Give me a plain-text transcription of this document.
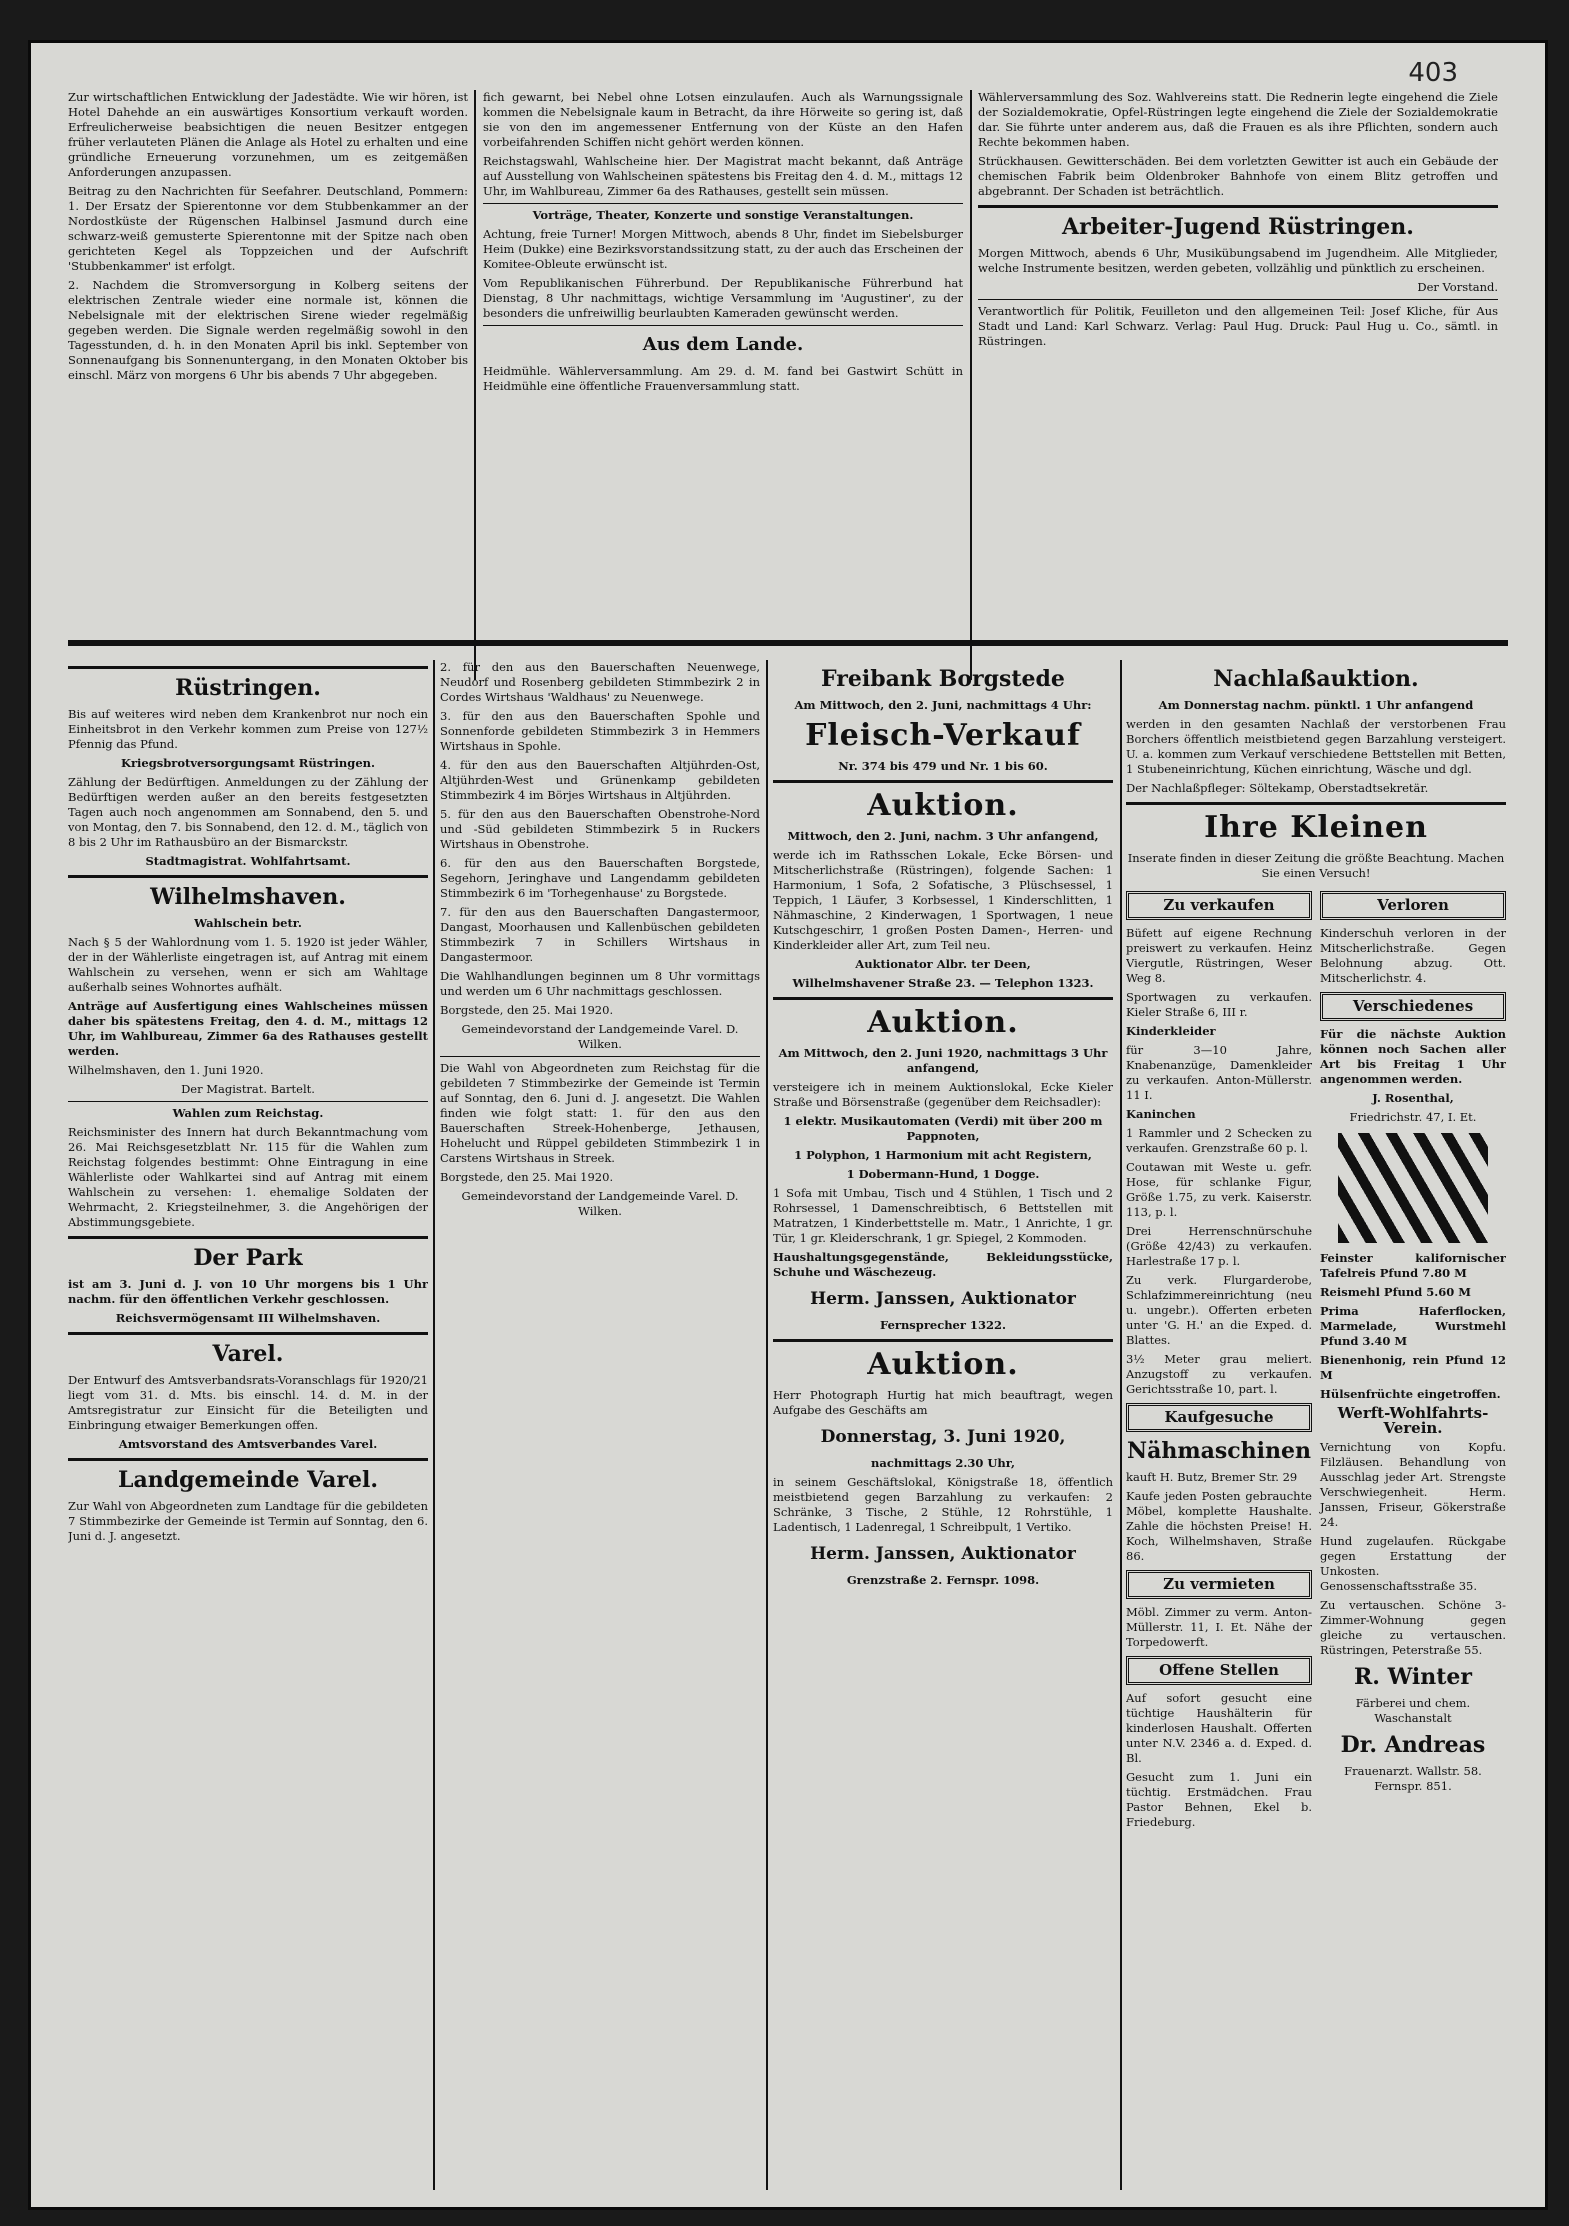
403

Zur wirtschaftlichen Entwicklung der Jadestädte. Wie wir hören, ist Hotel Dahehde an ein auswärtiges Konsortium verkauft worden. Erfreulicherweise beabsichtigen die neuen Besitzer entgegen früher verlauteten Plänen die Anlage als Hotel zu erhalten und eine gründliche Erneuerung vorzunehmen, um es zeitgemäßen Anforderungen anzupassen.

Beitrag zu den Nachrichten für Seefahrer. Deutschland, Pommern: 1. Der Ersatz der Spierentonne vor dem Stubbenkammer an der Nordostküste der Rügenschen Halbinsel Jasmund durch eine schwarz-weiß gemusterte Spierentonne mit der Spitze nach oben gerichteten Kegel als Toppzeichen und der Aufschrift 'Stubbenkammer' ist erfolgt.

2. Nachdem die Stromversorgung in Kolberg seitens der elektrischen Zentrale wieder eine normale ist, können die Nebelsignale mit der elektrischen Sirene wieder regelmäßig gegeben werden. Die Signale werden regelmäßig sowohl in den Tagesstunden, d. h. in den Monaten April bis inkl. September von Sonnenaufgang bis Sonnenuntergang, in den Monaten Oktober bis einschl. März von morgens 6 Uhr bis abends 7 Uhr abgegeben.

fich gewarnt, bei Nebel ohne Lotsen einzulaufen. Auch als Warnungssignale kommen die Nebelsignale kaum in Betracht, da ihre Hörweite so gering ist, daß sie von den im angemessener Entfernung von der Küste an den Hafen vorbeifahrenden Schiffen nicht gehört werden können.

Reichstagswahl, Wahlscheine hier. Der Magistrat macht bekannt, daß Anträge auf Ausstellung von Wahlscheinen spätestens bis Freitag den 4. d. M., mittags 12 Uhr, im Wahlbureau, Zimmer 6a des Rathauses, gestellt sein müssen.

Vorträge, Theater, Konzerte und sonstige Veranstaltungen.

Achtung, freie Turner! Morgen Mittwoch, abends 8 Uhr, findet im Siebelsburger Heim (Dukke) eine Bezirksvorstandssitzung statt, zu der auch das Erscheinen der Komitee-Obleute erwünscht ist.

Vom Republikanischen Führerbund. Der Republikanische Führerbund hat Dienstag, 8 Uhr nachmittags, wichtige Versammlung im 'Augustiner', zu der besonders die unfreiwillig beurlaubten Kameraden gewünscht werden.

Aus dem Lande.

Heidmühle. Wählerversammlung. Am 29. d. M. fand bei Gastwirt Schütt in Heidmühle eine öffentliche Frauenversammlung statt.

Wählerversammlung des Soz. Wahlvereins statt. Die Rednerin legte eingehend die Ziele der Sozialdemokratie, Opfel-Rüstringen legte eingehend die Ziele der Sozialdemokratie dar. Sie führte unter anderem aus, daß die Frauen es als ihre Pflichten, sondern auch Rechte bekommen haben.

Strückhausen. Gewitterschäden. Bei dem vorletzten Gewitter ist auch ein Gebäude der chemischen Fabrik beim Oldenbroker Bahnhofe von einem Blitz getroffen und abgebrannt. Der Schaden ist beträchtlich.

Arbeiter-Jugend Rüstringen.

Morgen Mittwoch, abends 6 Uhr, Musikübungsabend im Jugendheim. Alle Mitglieder, welche Instrumente besitzen, werden gebeten, vollzählig und pünktlich zu erscheinen.

Der Vorstand.

Verantwortlich für Politik, Feuilleton und den allgemeinen Teil: Josef Kliche, für Aus Stadt und Land: Karl Schwarz. Verlag: Paul Hug. Druck: Paul Hug u. Co., sämtl. in Rüstringen.

Rüstringen.

Bis auf weiteres wird neben dem Krankenbrot nur noch ein Einheitsbrot in den Verkehr kommen zum Preise von 127½ Pfennig das Pfund.

Kriegsbrotversorgungsamt Rüstringen.

Zählung der Bedürftigen. Anmeldungen zu der Zählung der Bedürftigen werden außer an den bereits festgesetzten Tagen auch noch angenommen am Sonnabend, den 5. und von Montag, den 7. bis Sonnabend, den 12. d. M., täglich von 8 bis 2 Uhr im Rathausbüro an der Bismarckstr.

Stadtmagistrat. Wohlfahrtsamt.

Wilhelmshaven.
Wahlschein betr.

Nach § 5 der Wahlordnung vom 1. 5. 1920 ist jeder Wähler, der in der Wählerliste eingetragen ist, auf Antrag mit einem Wahlschein zu versehen, wenn er sich am Wahltage außerhalb seines Wohnortes aufhält.

Anträge auf Ausfertigung eines Wahlscheines müssen daher bis spätestens Freitag, den 4. d. M., mittags 12 Uhr, im Wahlbureau, Zimmer 6a des Rathauses gestellt werden.

Wilhelmshaven, den 1. Juni 1920.

Der Magistrat. Bartelt.

Wahlen zum Reichstag.

Reichsminister des Innern hat durch Bekanntmachung vom 26. Mai Reichsgesetzblatt Nr. 115 für die Wahlen zum Reichstag folgendes bestimmt: Ohne Eintragung in eine Wählerliste oder Wahlkartei sind auf Antrag mit einem Wahlschein zu versehen: 1. ehemalige Soldaten der Wehrmacht, 2. Kriegsteilnehmer, 3. die Angehörigen der Abstimmungsgebiete.

Der Park

ist am 3. Juni d. J. von 10 Uhr morgens bis 1 Uhr nachm. für den öffentlichen Verkehr geschlossen.

Reichsvermögensamt III Wilhelmshaven.

Varel.

Der Entwurf des Amtsverbandsrats-Voranschlags für 1920/21 liegt vom 31. d. Mts. bis einschl. 14. d. M. in der Amtsregistratur zur Einsicht für die Beteiligten und Einbringung etwaiger Bemerkungen offen.

Amtsvorstand des Amtsverbandes Varel.

Landgemeinde Varel.

Zur Wahl von Abgeordneten zum Landtage für die gebildeten 7 Stimmbezirke der Gemeinde ist Termin auf Sonntag, den 6. Juni d. J. angesetzt.

2. für den aus den Bauerschaften Neuenwege, Neudorf und Rosenberg gebildeten Stimmbezirk 2 in Cordes Wirtshaus 'Waldhaus' zu Neuenwege.

3. für den aus den Bauerschaften Spohle und Sonnenforde gebildeten Stimmbezirk 3 in Hemmers Wirtshaus in Spohle.

4. für den aus den Bauerschaften Altjührden-Ost, Altjührden-West und Grünenkamp gebildeten Stimmbezirk 4 im Börjes Wirtshaus in Altjührden.

5. für den aus den Bauerschaften Obenstrohe-Nord und -Süd gebildeten Stimmbezirk 5 in Ruckers Wirtshaus in Obenstrohe.

6. für den aus den Bauerschaften Borgstede, Segehorn, Jeringhave und Langendamm gebildeten Stimmbezirk 6 im 'Torhegenhause' zu Borgstede.

7. für den aus den Bauerschaften Dangastermoor, Dangast, Moorhausen und Kallenbüschen gebildeten Stimmbezirk 7 in Schillers Wirtshaus in Dangastermoor.

Die Wahlhandlungen beginnen um 8 Uhr vormittags und werden um 6 Uhr nachmittags geschlossen.

Borgstede, den 25. Mai 1920.

Gemeindevorstand der Landgemeinde Varel. D. Wilken.

Die Wahl von Abgeordneten zum Reichstag für die gebildeten 7 Stimmbezirke der Gemeinde ist Termin auf Sonntag, den 6. Juni d. J. angesetzt. Die Wahlen finden wie folgt statt: 1. für den aus den Bauerschaften Streek-Hohenberge, Jethausen, Hohelucht und Rüppel gebildeten Stimmbezirk 1 in Carstens Wirtshaus in Streek.

Borgstede, den 25. Mai 1920.

Gemeindevorstand der Landgemeinde Varel. D. Wilken.

Freibank Borgstede
Am Mittwoch, den 2. Juni, nachmittags 4 Uhr:
Fleisch-Verkauf
Nr. 374 bis 479 und Nr. 1 bis 60.
Auktion.
Mittwoch, den 2. Juni, nachm. 3 Uhr anfangend,

werde ich im Rathsschen Lokale, Ecke Börsen- und Mitscherlichstraße (Rüstringen), folgende Sachen: 1 Harmonium, 1 Sofa, 2 Sofatische, 3 Plüschsessel, 1 Teppich, 1 Läufer, 3 Korbsessel, 1 Kinderschlitten, 1 Nähmaschine, 2 Kinderwagen, 1 Sportwagen, 1 neue Kutschgeschirr, 1 großen Posten Damen-, Herren- und Kinderkleider aller Art, zum Teil neu.

Auktionator Albr. ter Deen,
Wilhelmshavener Straße 23. — Telephon 1323.
Auktion.
Am Mittwoch, den 2. Juni 1920, nachmittags 3 Uhr anfangend,

versteigere ich in meinem Auktionslokal, Ecke Kieler Straße und Börsenstraße (gegenüber dem Reichsadler):

1 elektr. Musikautomaten (Verdi) mit über 200 m Pappnoten,
1 Polyphon, 1 Harmonium mit acht Registern,
1 Dobermann-Hund, 1 Dogge.

1 Sofa mit Umbau, Tisch und 4 Stühlen, 1 Tisch und 2 Rohrsessel, 1 Damenschreibtisch, 6 Bettstellen mit Matratzen, 1 Kinderbettstelle m. Matr., 1 Anrichte, 1 gr. Tür, 1 gr. Kleiderschrank, 1 gr. Spiegel, 2 Kommoden.

Haushaltungsgegenstände, Bekleidungsstücke, Schuhe und Wäschezeug.

Herm. Janssen, Auktionator
Fernsprecher 1322.
Auktion.

Herr Photograph Hurtig hat mich beauftragt, wegen Aufgabe des Geschäfts am

Donnerstag, 3. Juni 1920,
nachmittags 2.30 Uhr,

in seinem Geschäftslokal, Königstraße 18, öffentlich meistbietend gegen Barzahlung zu verkaufen: 2 Schränke, 3 Tische, 2 Stühle, 12 Rohrstühle, 1 Ladentisch, 1 Ladenregal, 1 Schreibpult, 1 Vertiko.

Herm. Janssen, Auktionator
Grenzstraße 2. Fernspr. 1098.
Nachlaßauktion.
Am Donnerstag nachm. pünktl. 1 Uhr anfangend

werden in den gesamten Nachlaß der verstorbenen Frau Borchers öffentlich meistbietend gegen Barzahlung versteigert. U. a. kommen zum Verkauf verschiedene Bettstellen mit Betten, 1 Stubeneinrichtung, Küchen einrichtung, Wäsche und dgl.

Der Nachlaßpfleger: Söltekamp, Oberstadtsekretär.

Ihre Kleinen

Inserate finden in dieser Zeitung die größte Beachtung. Machen Sie einen Versuch!

Zu verkaufen

Büfett auf eigene Rechnung preiswert zu verkaufen. Heinz Viergutle, Rüstringen, Weser Weg 8.

Sportwagen zu verkaufen. Kieler Straße 6, III r.

Kinderkleider

für 3—10 Jahre, Knabenanzüge, Damenkleider zu verkaufen. Anton-Müllerstr. 11 I.

Kaninchen

1 Rammler und 2 Schecken zu verkaufen. Grenzstraße 60 p. l.

Coutawan mit Weste u. gefr. Hose, für schlanke Figur, Größe 1.75, zu verk. Kaiserstr. 113, p. l.

Drei Herrenschnürschuhe (Größe 42/43) zu verkaufen. Harlestraße 17 p. l.

Zu verk. Flurgarderobe, Schlafzimmereinrichtung (neu u. ungebr.). Offerten erbeten unter 'G. H.' an die Exped. d. Blattes.

3½ Meter grau meliert. Anzugstoff zu verkaufen. Gerichtsstraße 10, part. l.

Kaufgesuche
Nähmaschinen

kauft H. Butz, Bremer Str. 29

Kaufe jeden Posten gebrauchte Möbel, komplette Haushalte. Zahle die höchsten Preise! H. Koch, Wilhelmshaven, Straße 86.

Zu vermieten

Möbl. Zimmer zu verm. Anton-Müllerstr. 11, I. Et. Nähe der Torpedowerft.

Offene Stellen

Auf sofort gesucht eine tüchtige Haushälterin für kinderlosen Haushalt. Offerten unter N.V. 2346 a. d. Exped. d. Bl.

Gesucht zum 1. Juni ein tüchtig. Erstmädchen. Frau Pastor Behnen, Ekel b. Friedeburg.

Verloren

Kinderschuh verloren in der Mitscherlichstraße. Gegen Belohnung abzug. Ott. Mitscherlichstr. 4.

Verschiedenes

Für die nächste Auktion können noch Sachen aller Art bis Freitag 1 Uhr angenommen werden.

J. Rosenthal,

Friedrichstr. 47, I. Et.

Feinster kalifornischer Tafelreis Pfund 7.80 M

Reismehl Pfund 5.60 M

Prima Haferflocken, Marmelade, Wurstmehl Pfund 3.40 M

Bienenhonig, rein Pfund 12 M

Hülsenfrüchte eingetroffen.

Werft-Wohlfahrts-Verein.

Vernichtung von Kopfu. Filzläusen. Behandlung von Ausschlag jeder Art. Strengste Verschwiegenheit. Herm. Janssen, Friseur, Gökerstraße 24.

Hund zugelaufen. Rückgabe gegen Erstattung der Unkosten. Genossenschaftsstraße 35.

Zu vertauschen. Schöne 3-Zimmer-Wohnung gegen gleiche zu vertauschen. Rüstringen, Peterstraße 55.

R. Winter

Färberei und chem. Waschanstalt

Dr. Andreas

Frauenarzt. Wallstr. 58. Fernspr. 851.
